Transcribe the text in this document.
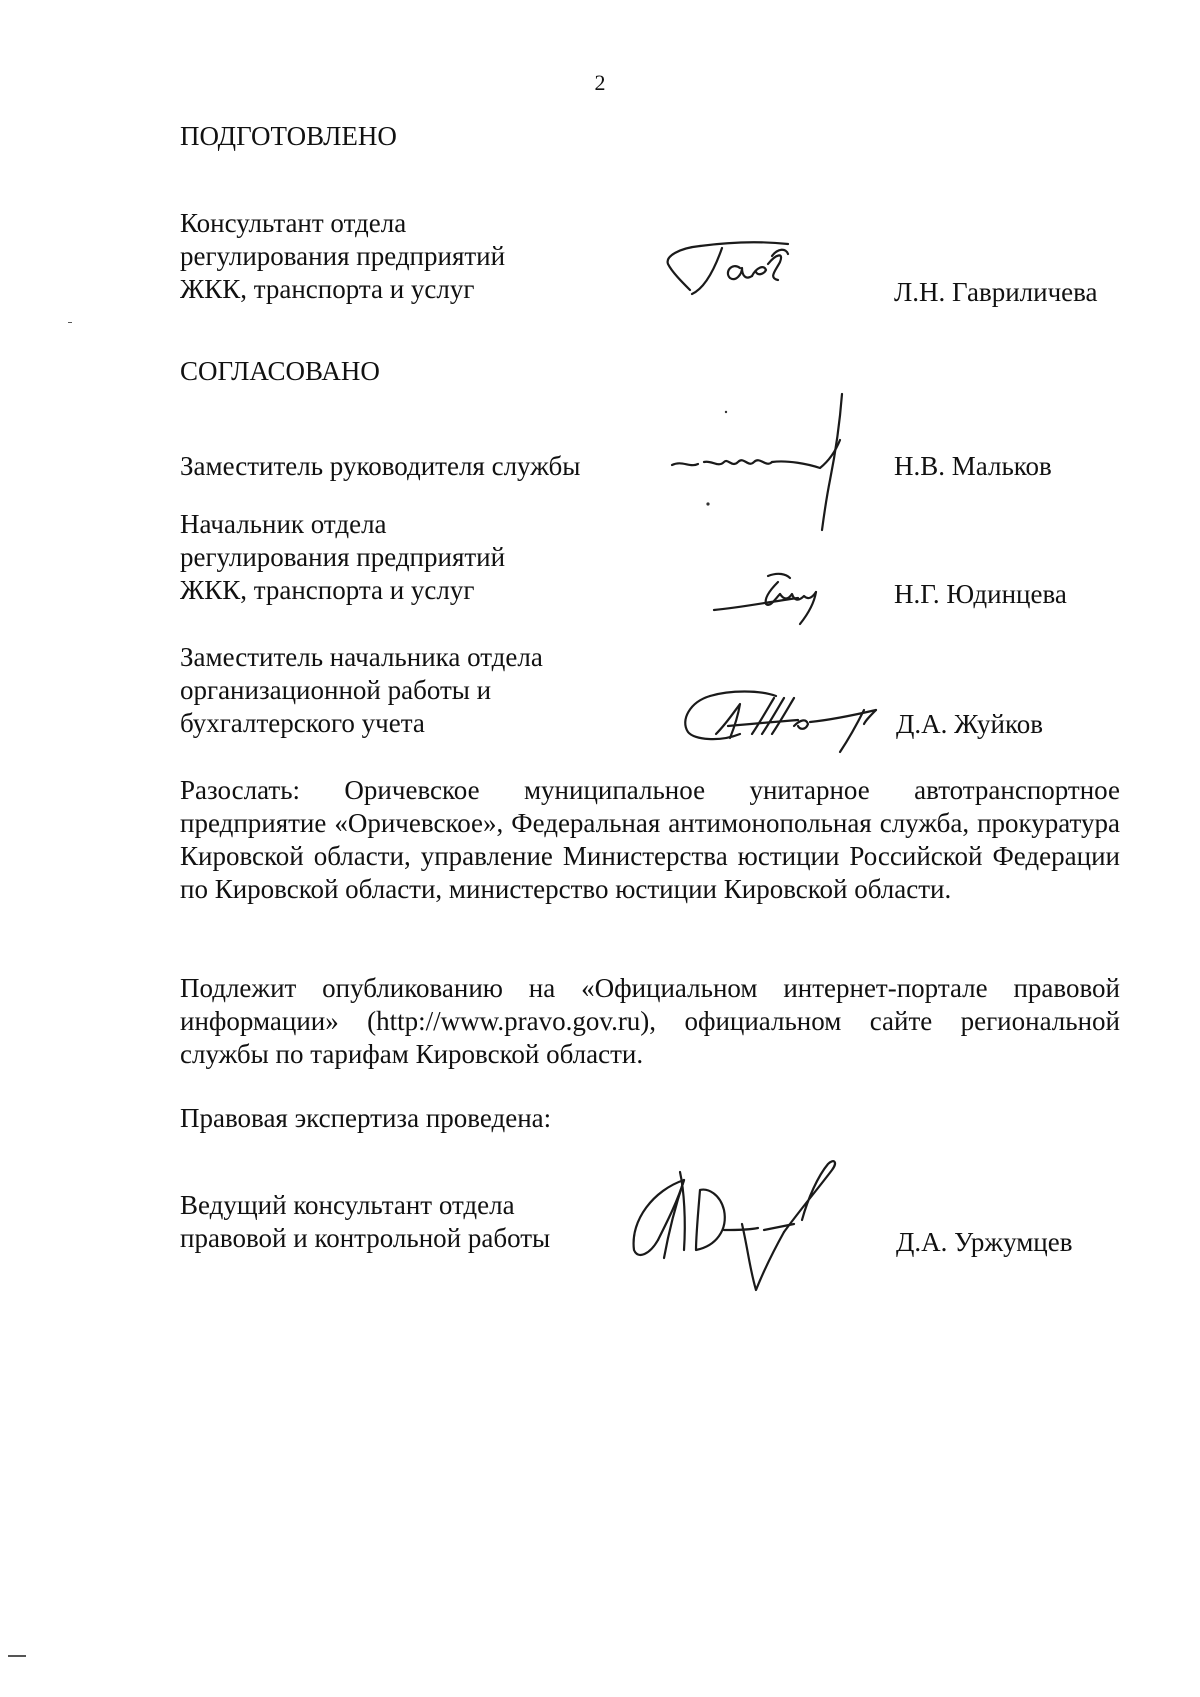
2
ПОДГОТОВЛЕНО
Консультант отдела
регулирования предприятий
ЖКК, транспорта и услуг	Л.Н. Гавриличева
СОГЛАСОВАНО
Заместитель руководителя службы	Н.В. Мальков
Начальник отдела
регулирования предприятий
ЖКК, транспорта и услуг	Н.Г. Юдинцева
Заместитель начальника отдела
организационной работы и
бухгалтерского учета	Д.А. Жуйков
Разослать: Оричевское муниципальное унитарное автотранспортное предприятие «Оричевское», Федеральная антимонопольная служба, прокуратура Кировской области, управление Министерства юстиции Российской Федерации по Кировской области, министерство юстиции Кировской области.
Подлежит опубликованию на «Официальном интернет-портале правовой информации» (http://www.pravo.gov.ru), официальном сайте региональной службы по тарифам Кировской области.
Правовая экспертиза проведена:
Ведущий консультант отдела
правовой и контрольной работы	Д.А. Уржумцев
